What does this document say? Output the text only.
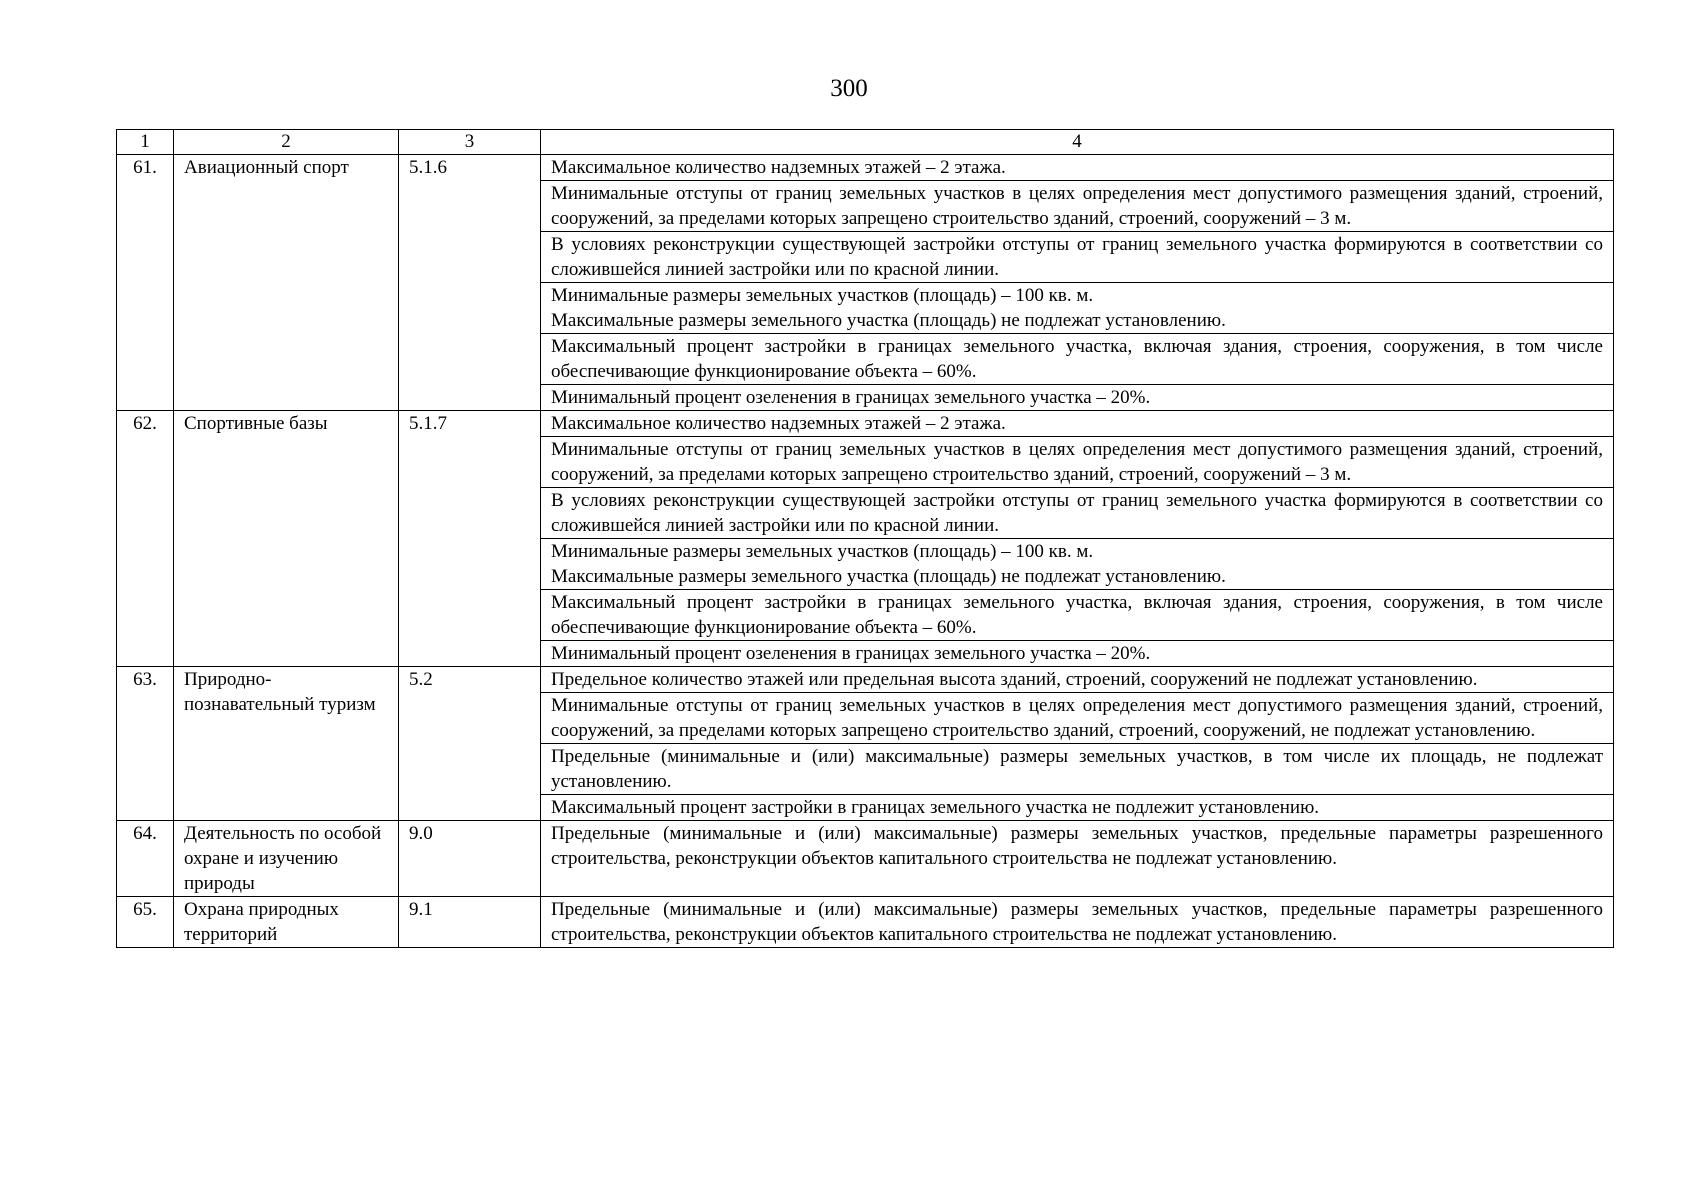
300
1	2	3	4
61.	Авиационный спорт	5.1.6	Максимальное количество надземных этажей – 2 этажа.

			Минимальные отступы от границ земельных участков в целях определения мест допустимого размещения зданий, строений, сооружений, за пределами которых запрещено строительство зданий, строений, сооружений – 3 м.

			В условиях реконструкции существующей застройки отступы от границ земельного участка формируются в соответствии со сложившейся линией застройки или по красной линии.

			Минимальные размеры земельных участков (площадь) – 100 кв. м.
Максимальные размеры земельного участка (площадь) не подлежат установлению.

			Максимальный процент застройки в границах земельного участка, включая здания, строения, сооружения, в том числе обеспечивающие функционирование объекта – 60%.

			Минимальный процент озеленения в границах земельного участка – 20%.

62.	Спортивные базы	5.1.7	Максимальное количество надземных этажей – 2 этажа.

			Минимальные отступы от границ земельных участков в целях определения мест допустимого размещения зданий, строений, сооружений, за пределами которых запрещено строительство зданий, строений, сооружений – 3 м.

			В условиях реконструкции существующей застройки отступы от границ земельного участка формируются в соответствии со сложившейся линией застройки или по красной линии.

			Минимальные размеры земельных участков (площадь) – 100 кв. м.
Максимальные размеры земельного участка (площадь) не подлежат установлению.

			Максимальный процент застройки в границах земельного участка, включая здания, строения, сооружения, в том числе обеспечивающие функционирование объекта – 60%.

			Минимальный процент озеленения в границах земельного участка – 20%.

63.	Природно-познавательный туризм	5.2	Предельное количество этажей или предельная высота зданий, строений, сооружений не подлежат установлению.

			Минимальные отступы от границ земельных участков в целях определения мест допустимого размещения зданий, строений, сооружений, за пределами которых запрещено строительство зданий, строений, сооружений, не подлежат установлению.

			Предельные (минимальные и (или) максимальные) размеры земельных участков, в том числе их площадь, не подлежат установлению.

			Максимальный процент застройки в границах земельного участка не подлежит установлению.

64.	Деятельность по особой охране и изучению природы	9.0	Предельные (минимальные и (или) максимальные) размеры земельных участков, предельные параметры разрешенного строительства, реконструкции объектов капитального строительства не подлежат установлению.

65.	Охрана природных территорий	9.1	Предельные (минимальные и (или) максимальные) размеры земельных участков, предельные параметры разрешенного строительства, реконструкции объектов капитального строительства не подлежат установлению.
